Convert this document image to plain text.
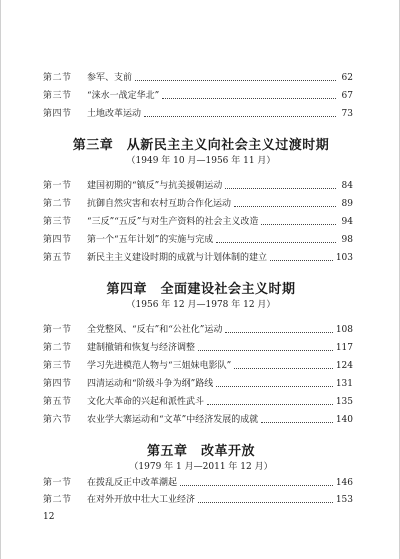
第二节	参军、支前	62
第三节	“涞水一战定华北”	67
第四节	土地改革运动	73
第三章　从新民主主义向社会主义过渡时期
（1949 年 10 月—1956 年 11 月）
第一节	建国初期的“镇反”与抗美援朝运动	84
第二节	抗御自然灾害和农村互助合作化运动	89
第三节	“三反”“五反”与对生产资料的社会主义改造	94
第四节	第一个“五年计划”的实施与完成	98
第五节	新民主主义建设时期的成就与计划体制的建立	103
第四章　全面建设社会主义时期
（1956 年 12 月—1978 年 12 月）
第一节	全党整风、“反右”和“公社化”运动	108
第二节	建制撤销和恢复与经济调整	117
第三节	学习先进模范人物与“三姐妹电影队”	124
第四节	四清运动和“阶级斗争为纲”路线	131
第五节	文化大革命的兴起和派性武斗	135
第六节	农业学大寨运动和“文革”中经济发展的成就	140
第五章　改革开放
（1979 年 1 月—2011 年 12 月）
第一节	在拨乱反正中改革潮起	146
第二节	在对外开放中壮大工业经济	153
12
